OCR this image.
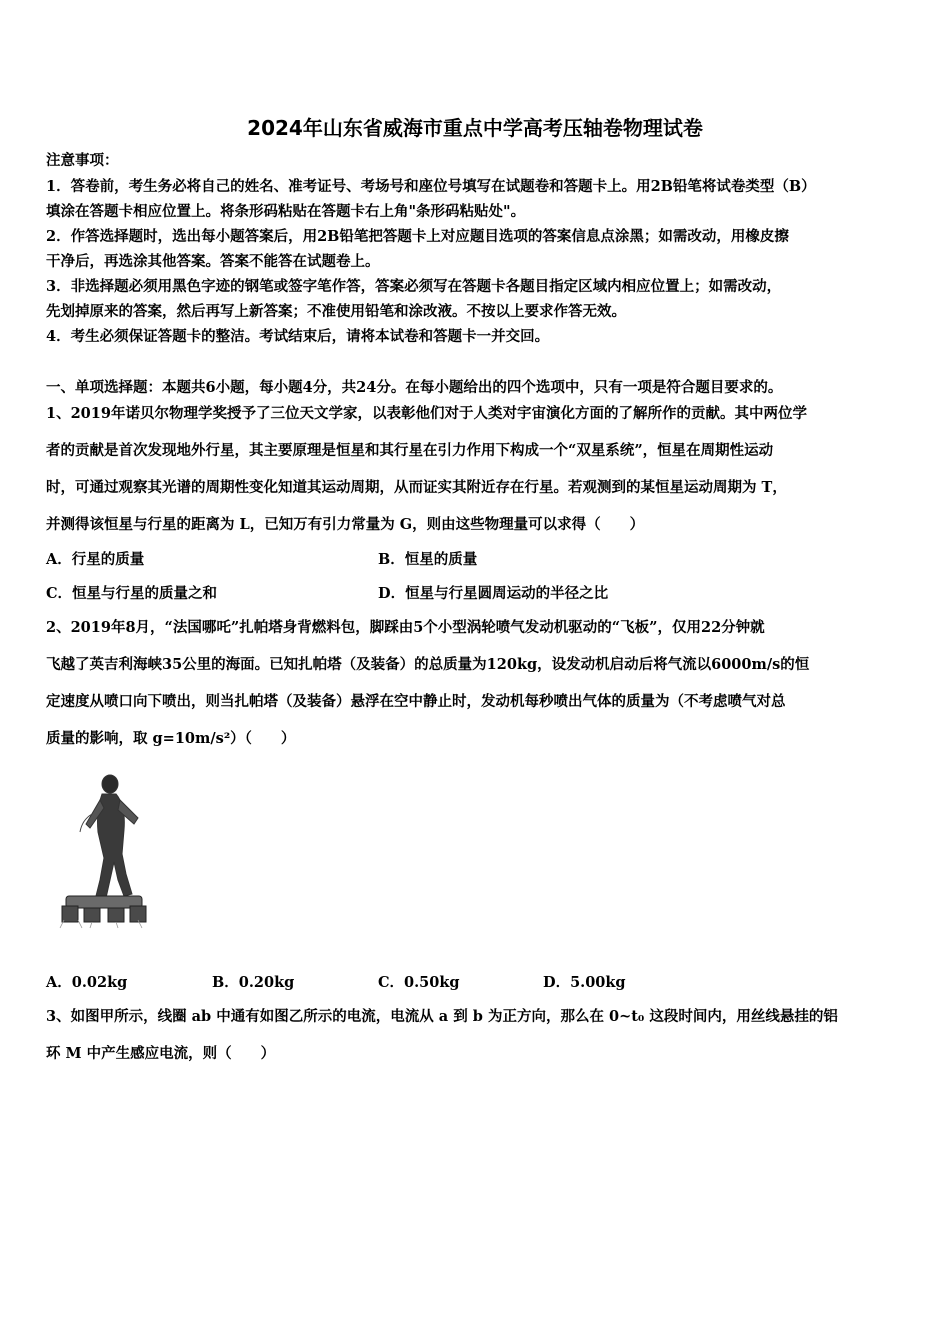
2024年山东省威海市重点中学高考压轴卷物理试卷
注意事项：
1．答卷前，考生务必将自己的姓名、准考证号、考场号和座位号填写在试题卷和答题卡上。用2B铅笔将试卷类型（B）
填涂在答题卡相应位置上。将条形码粘贴在答题卡右上角"条形码粘贴处"。
2．作答选择题时，选出每小题答案后，用2B铅笔把答题卡上对应题目选项的答案信息点涂黑；如需改动，用橡皮擦
干净后，再选涂其他答案。答案不能答在试题卷上。
3．非选择题必须用黑色字迹的钢笔或签字笔作答，答案必须写在答题卡各题目指定区域内相应位置上；如需改动，
先划掉原来的答案，然后再写上新答案；不准使用铅笔和涂改液。不按以上要求作答无效。
4．考生必须保证答题卡的整洁。考试结束后，请将本试卷和答题卡一并交回。
一、单项选择题：本题共6小题，每小题4分，共24分。在每小题给出的四个选项中，只有一项是符合题目要求的。
1、2019年诺贝尔物理学奖授予了三位天文学家，以表彰他们对于人类对宇宙演化方面的了解所作的贡献。其中两位学
者的贡献是首次发现地外行星，其主要原理是恒星和其行星在引力作用下构成一个“双星系统”，恒星在周期性运动
时，可通过观察其光谱的周期性变化知道其运动周期，从而证实其附近存在行星。若观测到的某恒星运动周期为 T，
并测得该恒星与行星的距离为 L，已知万有引力常量为 G，则由这些物理量可以求得（　　）
A．行星的质量	B．恒星的质量
C．恒星与行星的质量之和	D．恒星与行星圆周运动的半径之比
2、2019年8月，“法国哪吒”扎帕塔身背燃料包，脚踩由5个小型涡轮喷气发动机驱动的“飞板”，仅用22分钟就
飞越了英吉利海峡35公里的海面。已知扎帕塔（及装备）的总质量为120kg，设发动机启动后将气流以6000m/s的恒
定速度从喷口向下喷出，则当扎帕塔（及装备）悬浮在空中静止时，发动机每秒喷出气体的质量为（不考虑喷气对总
质量的影响，取 g=10m/s²）（　　）
A．0.02kg	B．0.20kg	C．0.50kg	D．5.00kg
3、如图甲所示，线圈 ab 中通有如图乙所示的电流，电流从 a 到 b 为正方向，那么在 0~t₀ 这段时间内，用丝线悬挂的铝
环 M 中产生感应电流，则（　　）
